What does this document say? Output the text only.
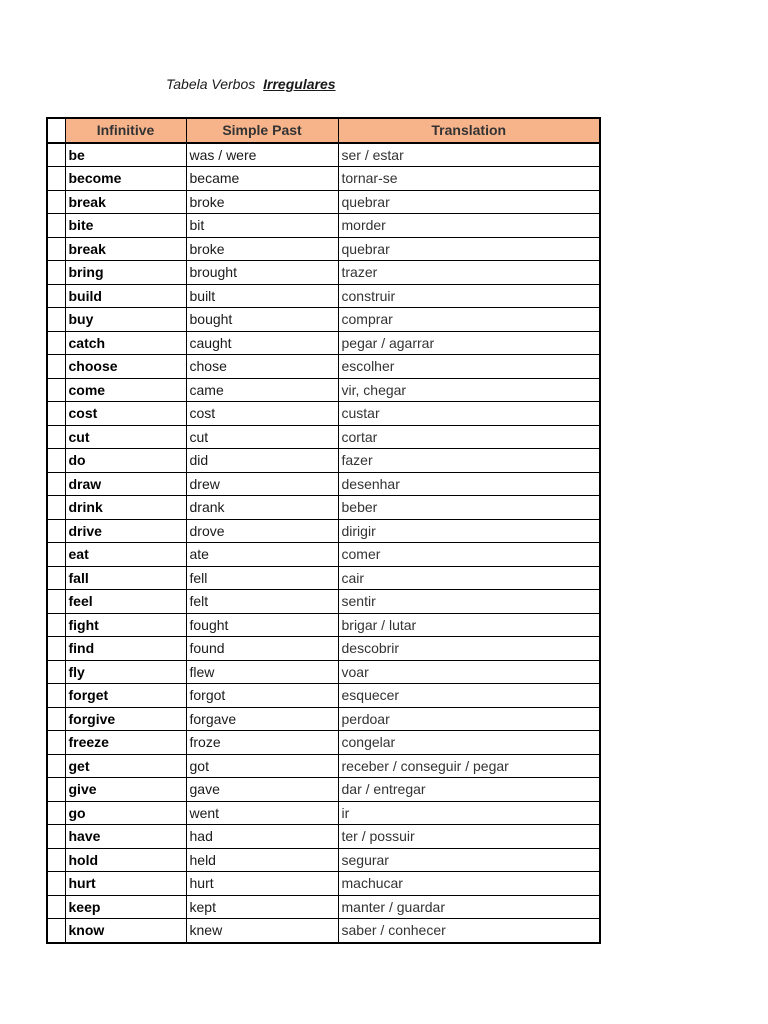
Tabela Verbos Irregulares
	Infinitive	Simple Past	Translation
	be	was / were	ser / estar
	become	became	tornar-se
	break	broke	quebrar
	bite	bit	morder
	break	broke	quebrar
	bring	brought	trazer
	build	built	construir
	buy	bought	comprar
	catch	caught	pegar / agarrar
	choose	chose	escolher
	come	came	vir, chegar
	cost	cost	custar
	cut	cut	cortar
	do	did	fazer
	draw	drew	desenhar
	drink	drank	beber
	drive	drove	dirigir
	eat	ate	comer
	fall	fell	cair
	feel	felt	sentir
	fight	fought	brigar / lutar
	find	found	descobrir
	fly	flew	voar
	forget	forgot	esquecer
	forgive	forgave	perdoar
	freeze	froze	congelar
	get	got	receber / conseguir / pegar
	give	gave	dar / entregar
	go	went	ir
	have	had	ter / possuir
	hold	held	segurar
	hurt	hurt	machucar
	keep	kept	manter / guardar
	know	knew	saber / conhecer
